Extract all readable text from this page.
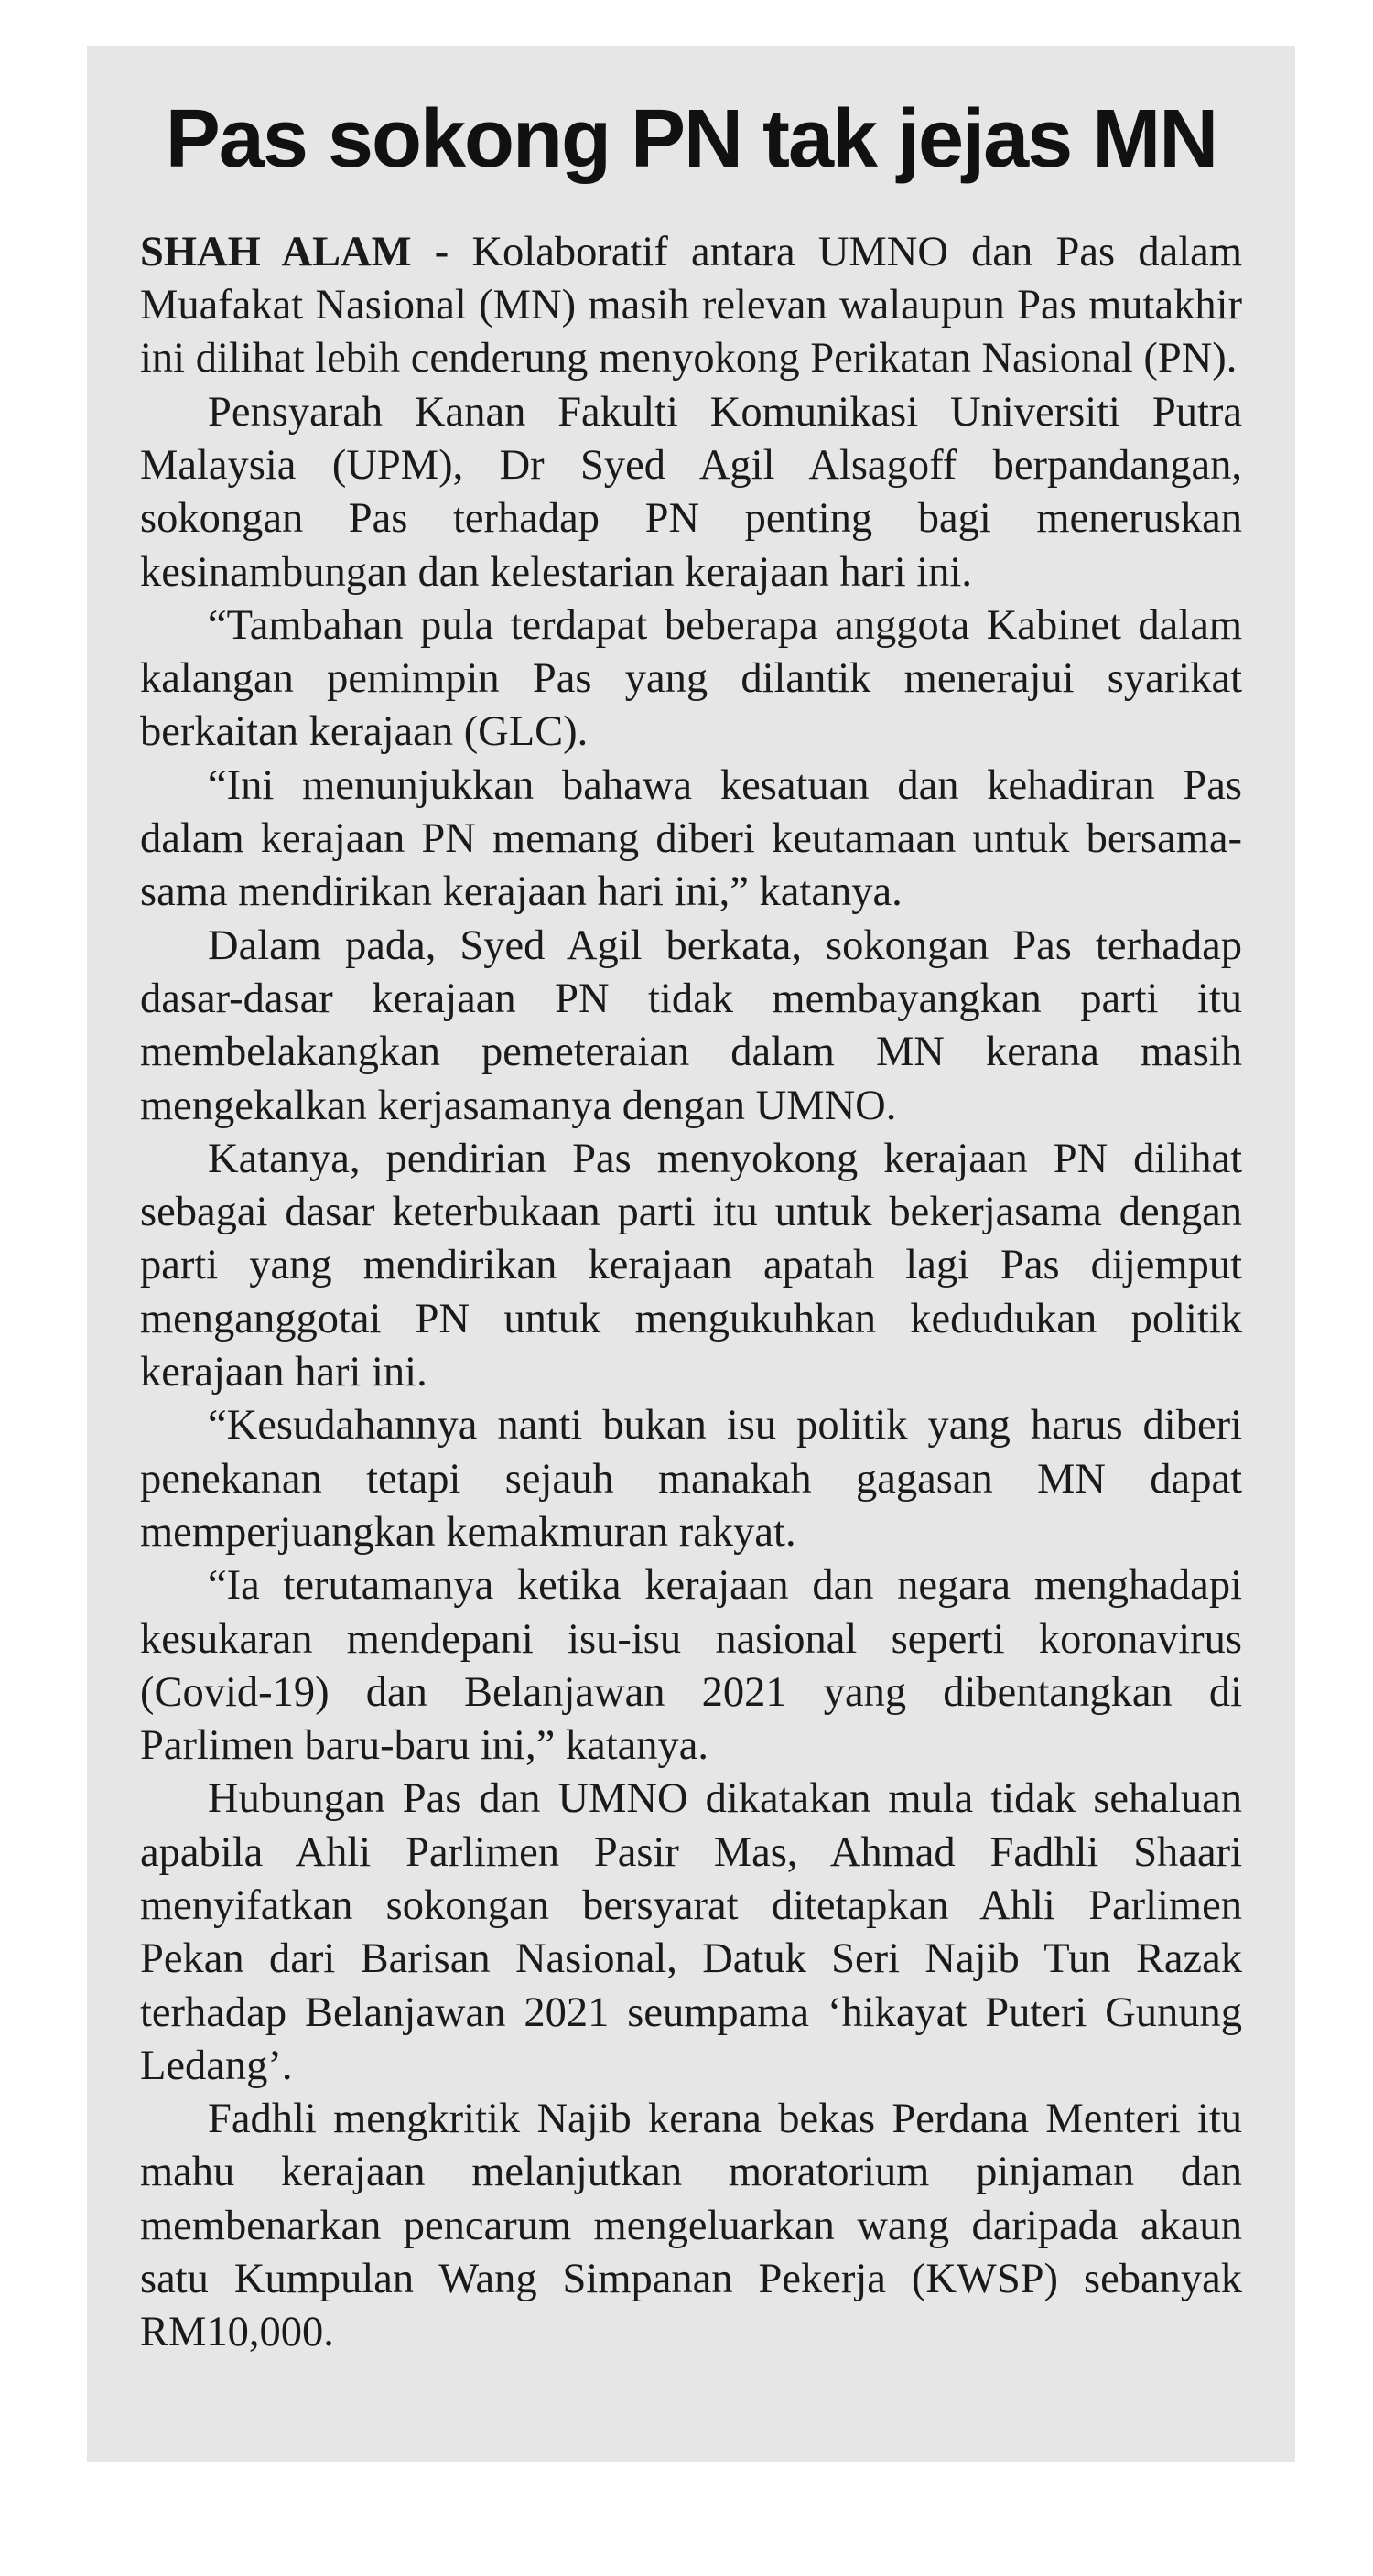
Pas sokong PN tak jejas MN

SHAH ALAM - Kolaboratif antara UMNO dan Pas dalam Muafakat Nasional (MN) masih relevan walaupun Pas mutakhir ini dilihat lebih cenderung menyokong Perikatan Nasional (PN).

Pensyarah Kanan Fakulti Komunikasi Universiti Putra Malaysia (UPM), Dr Syed Agil Alsagoff berpandangan, sokongan Pas terhadap PN penting bagi meneruskan kesinambungan dan kelestarian kerajaan hari ini.

“Tambahan pula terdapat beberapa anggota Kabinet dalam kalangan pemimpin Pas yang dilantik menerajui syarikat berkaitan kerajaan (GLC).

“Ini menunjukkan bahawa kesatuan dan kehadiran Pas dalam kerajaan PN memang diberi keutamaan untuk bersama-sama mendirikan kerajaan hari ini,” katanya.

Dalam pada, Syed Agil berkata, sokongan Pas terhadap dasar-dasar kerajaan PN tidak membayangkan parti itu membelakangkan pemeteraian dalam MN kerana masih mengekalkan kerjasamanya dengan UMNO.

Katanya, pendirian Pas menyokong kerajaan PN dilihat sebagai dasar keterbukaan parti itu untuk bekerjasama dengan parti yang mendirikan kerajaan apatah lagi Pas dijemput menganggotai PN untuk mengukuhkan kedudukan politik kerajaan hari ini.

“Kesudahannya nanti bukan isu politik yang harus diberi penekanan tetapi sejauh manakah gagasan MN dapat memperjuangkan kemakmuran rakyat.

“Ia terutamanya ketika kerajaan dan negara menghadapi kesukaran mendepani isu-isu nasional seperti koronavirus (Covid-19) dan Belanjawan 2021 yang dibentangkan di Parlimen baru-baru ini,” katanya.

Hubungan Pas dan UMNO dikatakan mula tidak sehaluan apabila Ahli Parlimen Pasir Mas, Ahmad Fadhli Shaari menyifatkan sokongan bersyarat ditetapkan Ahli Parlimen Pekan dari Barisan Nasional, Datuk Seri Najib Tun Razak terhadap Belanjawan 2021 seumpama ‘hikayat Puteri Gunung Ledang’.

Fadhli mengkritik Najib kerana bekas Perdana Menteri itu mahu kerajaan melanjutkan moratorium pinjaman dan membenarkan pencarum mengeluarkan wang daripada akaun satu Kumpulan Wang Simpanan Pekerja (KWSP) sebanyak RM10,000.
